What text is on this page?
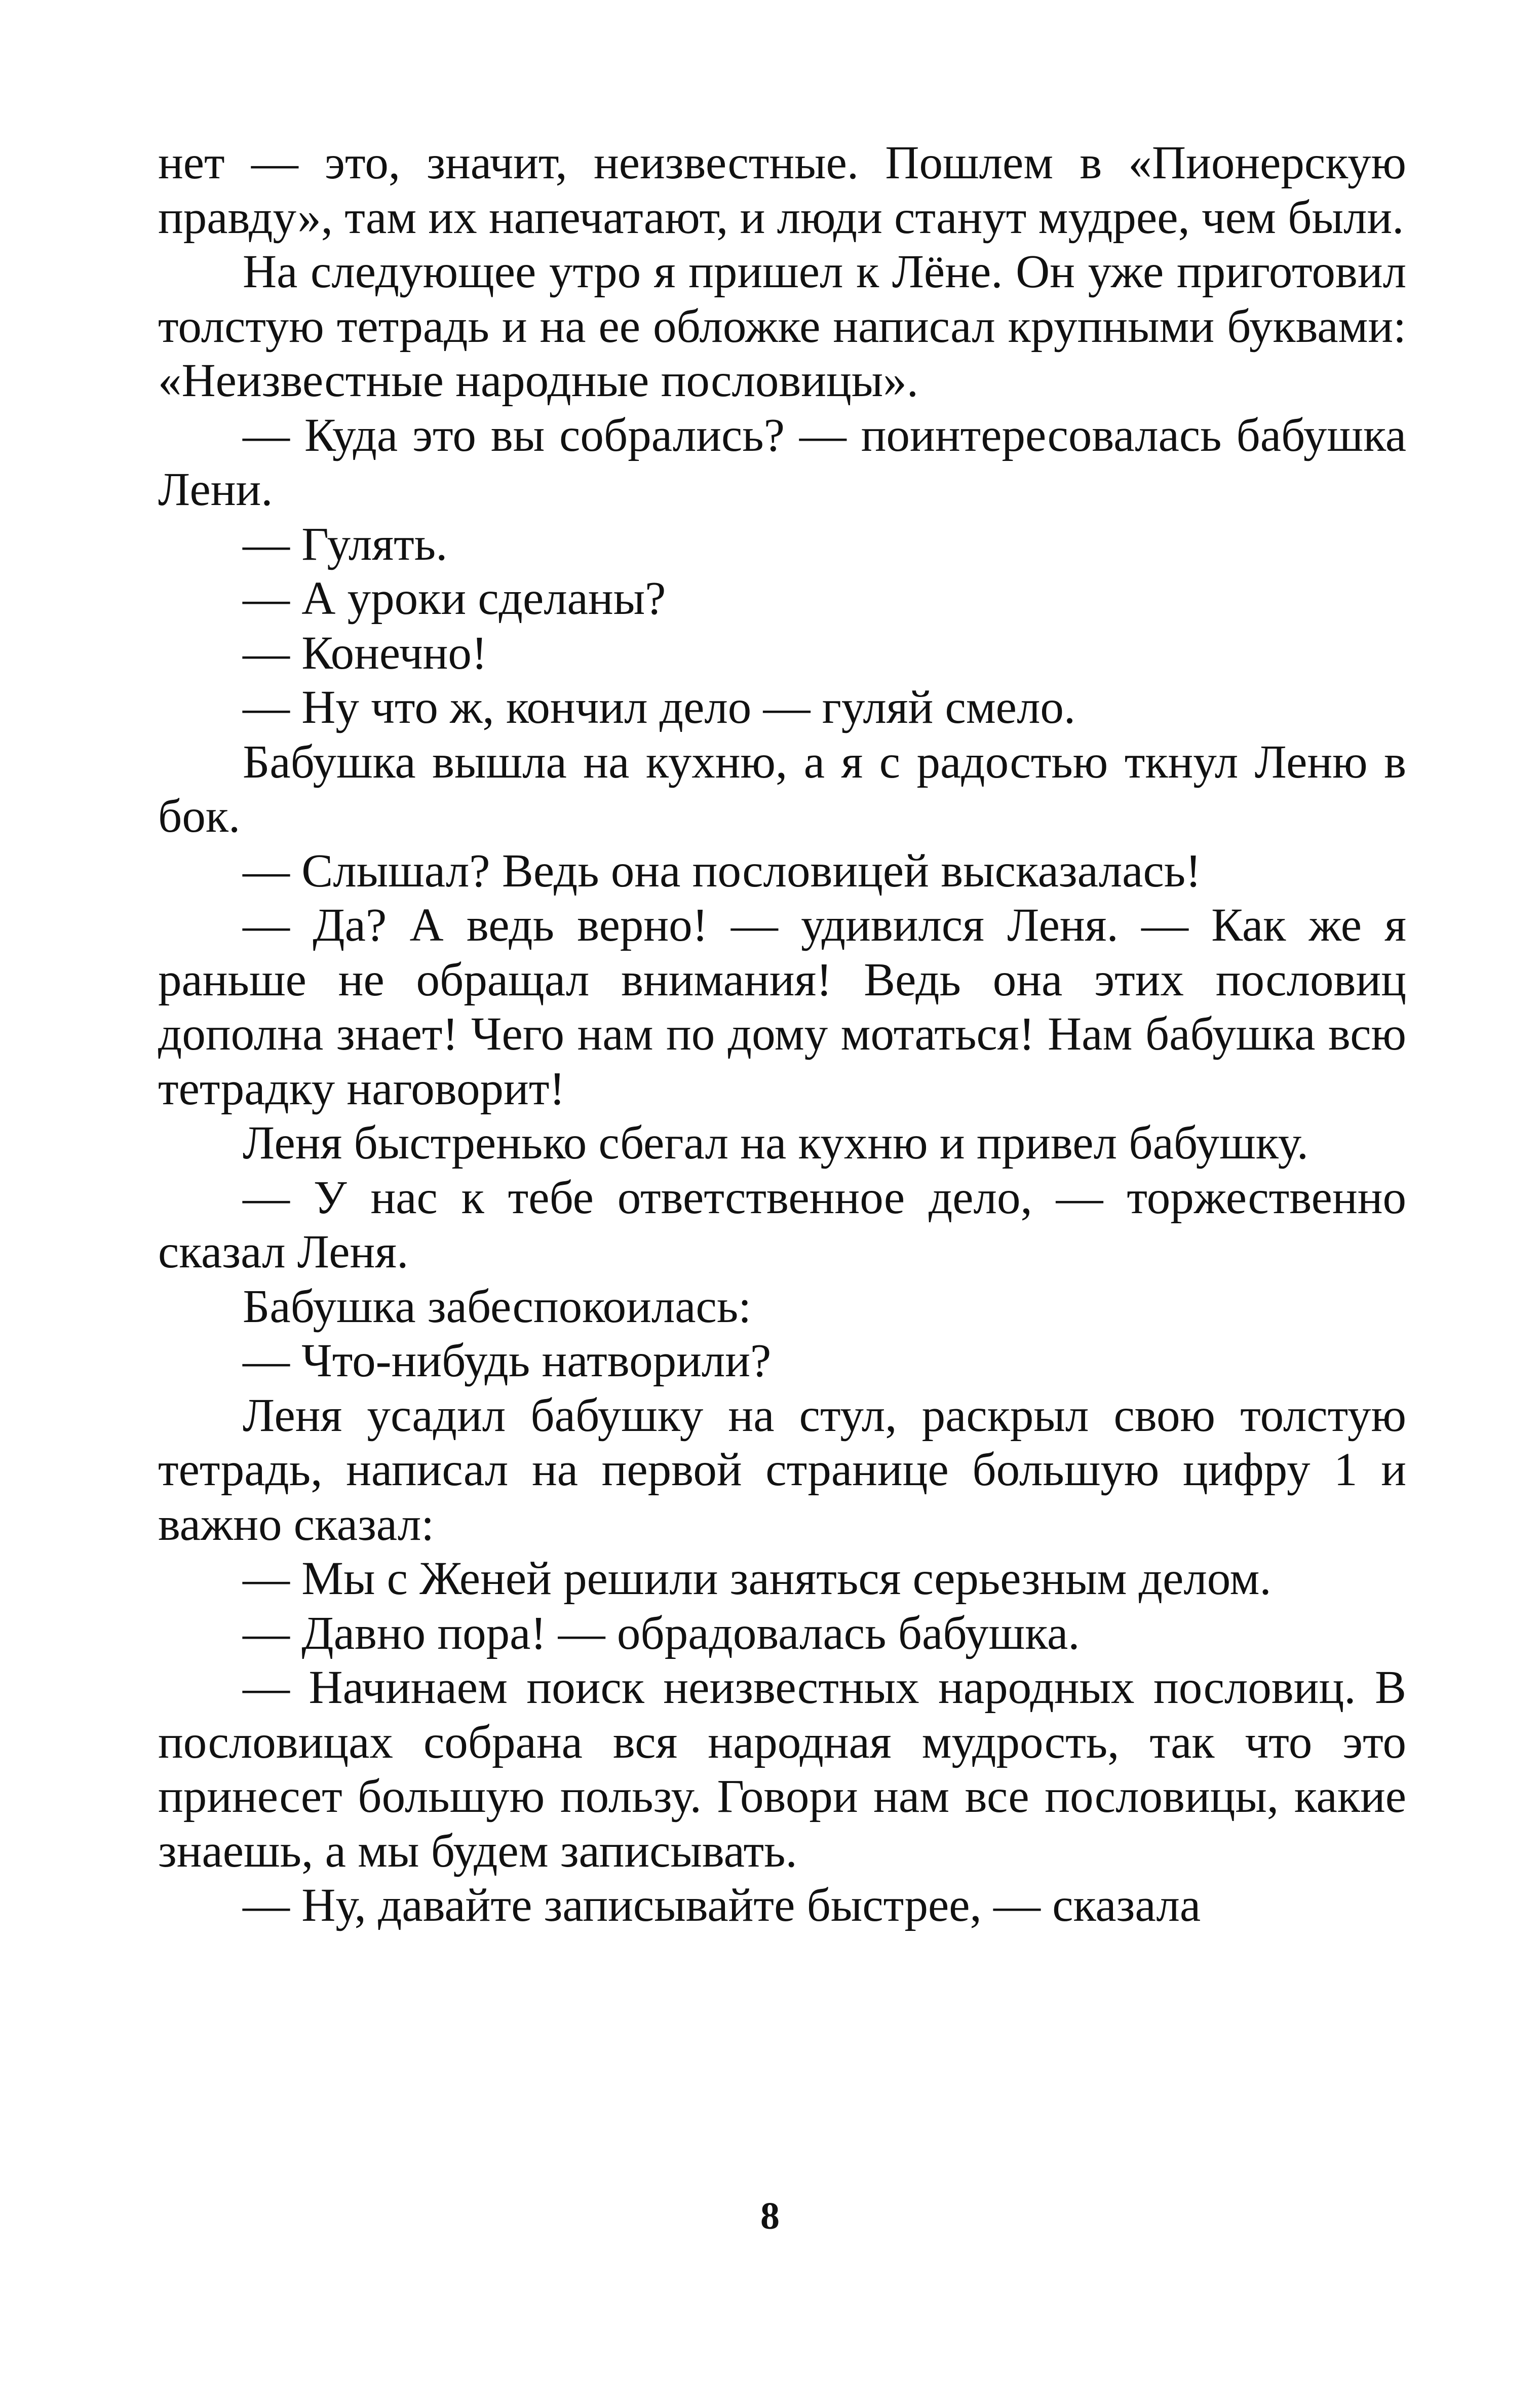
нет — это, значит, неизвестные. Пошлем в «Пионерскую правду», там их напечатают, и люди станут мудрее, чем были.

На следующее утро я пришел к Лёне. Он уже приготовил толстую тетрадь и на ее обложке написал крупными буквами: «Неизвестные народные пословицы».

— Куда это вы собрались? — поинтересовалась бабушка Лени.

— Гулять.

— А уроки сделаны?

— Конечно!

— Ну что ж, кончил дело — гуляй смело.

Бабушка вышла на кухню, а я с радостью ткнул Леню в бок.

— Слышал? Ведь она пословицей высказалась!

— Да? А ведь верно! — удивился Леня. — Как же я раньше не обращал внимания! Ведь она этих пословиц дополна знает! Чего нам по дому мотаться! Нам бабушка всю тетрадку наговорит!

Леня быстренько сбегал на кухню и привел бабушку.

— У нас к тебе ответственное дело, — торжественно сказал Леня.

Бабушка забеспокоилась:

— Что-нибудь натворили?

Леня усадил бабушку на стул, раскрыл свою толстую тетрадь, написал на первой странице большую цифру 1 и важно сказал:

— Мы с Женей решили заняться серьезным делом.

— Давно пора! — обрадовалась бабушка.

— Начинаем поиск неизвестных народных пословиц. В пословицах собрана вся народная мудрость, так что это принесет большую пользу. Говори нам все пословицы, какие знаешь, а мы будем записывать.

— Ну, давайте записывайте быстрее, — сказала

8
